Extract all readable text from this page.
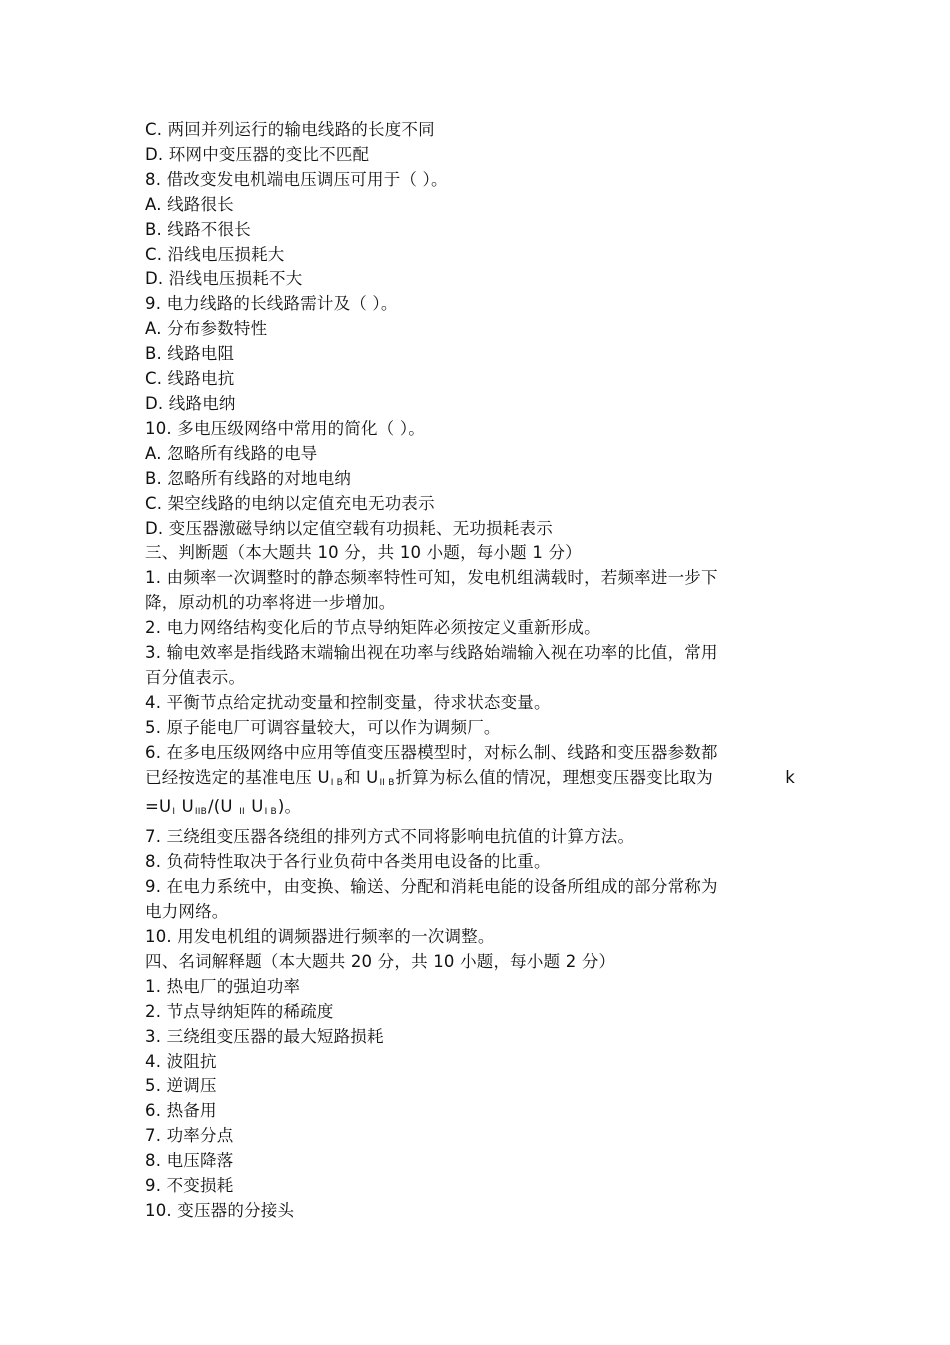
C. 两回并列运行的输电线路的长度不同
D. 环网中变压器的变比不匹配
8. 借改变发电机端电压调压可用于（ ）。
A. 线路很长
B. 线路不很长
C. 沿线电压损耗大
D. 沿线电压损耗不大
9. 电力线路的长线路需计及（ ）。
A. 分布参数特性
B. 线路电阻
C. 线路电抗
D. 线路电纳
10. 多电压级网络中常用的简化（ ）。
A. 忽略所有线路的电导
B. 忽略所有线路的对地电纳
C. 架空线路的电纳以定值充电无功表示
D. 变压器激磁导纳以定值空载有功损耗、无功损耗表示
三、判断题（本大题共 10 分，共 10 小题，每小题 1 分）
1. 由频率一次调整时的静态频率特性可知，发电机组满载时，若频率进一步下
降，原动机的功率将进一步增加。
2. 电力网络结构变化后的节点导纳矩阵必须按定义重新形成。
3. 输电效率是指线路末端输出视在功率与线路始端输入视在功率的比值，常用
百分值表示。
4. 平衡节点给定扰动变量和控制变量，待求状态变量。
5. 原子能电厂可调容量较大，可以作为调频厂。
6. 在多电压级网络中应用等值变压器模型时，对标么制、线路和变压器参数都
已经按选定的基准电压 $U_{I B}$和 $U_{II B}$折算为标么值的情况，理想变压器变比取为	k
$=U_I$ $U_{IIB}/(U$ $_{II}$ $U_{I B}$)。
7. 三绕组变压器各绕组的排列方式不同将影响电抗值的计算方法。
8. 负荷特性取决于各行业负荷中各类用电设备的比重。
9. 在电力系统中，由变换、输送、分配和消耗电能的设备所组成的部分常称为
电力网络。
10. 用发电机组的调频器进行频率的一次调整。
四、名词解释题（本大题共 20 分，共 10 小题，每小题 2 分）
1. 热电厂的强迫功率
2. 节点导纳矩阵的稀疏度
3. 三绕组变压器的最大短路损耗
4. 波阻抗
5. 逆调压
6. 热备用
7. 功率分点
8. 电压降落
9. 不变损耗
10. 变压器的分接头
